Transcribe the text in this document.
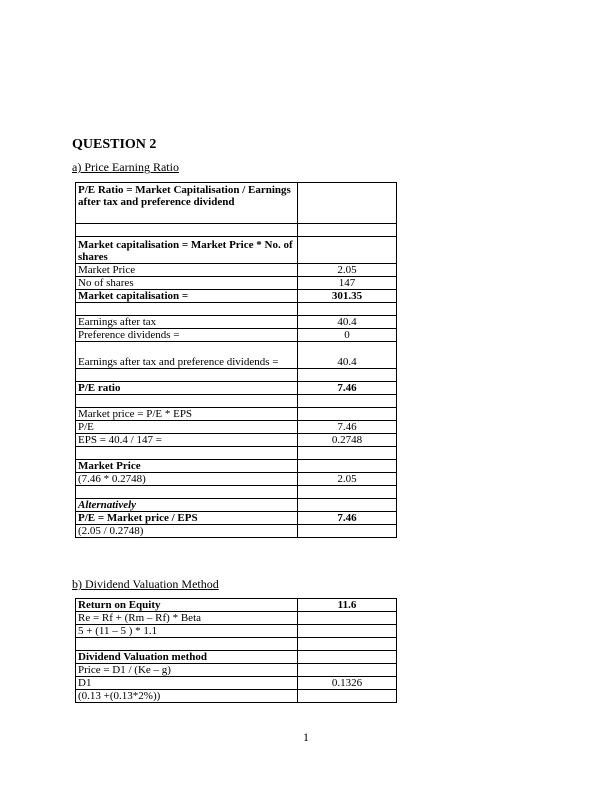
QUESTION 2

a) Price Earning Ratio

P/E Ratio = Market Capitalisation / Earnings after tax and preference dividend	

Market capitalisation = Market Price * No. of shares	
Market Price	2.05
No of shares	147
Market capitalisation =	301.35

Earnings after tax	40.4
Preference dividends =	0
Earnings after tax and preference dividends =	40.4

P/E ratio	7.46

Market price = P/E * EPS	
P/E	7.46
EPS = 40.4 / 147 =	0.2748

Market Price	
(7.46 * 0.2748)	2.05

Alternatively	
P/E = Market price / EPS	7.46
(2.05 / 0.2748)	

b) Dividend Valuation Method

Return on Equity	11.6
Re = Rf + (Rm – Rf) * Beta	
5 + (11 – 5 ) * 1.1	

Dividend Valuation method	
Price = D1 / (Ke – g)	
D1	0.1326
(0.13 +(0.13*2%))	
1
